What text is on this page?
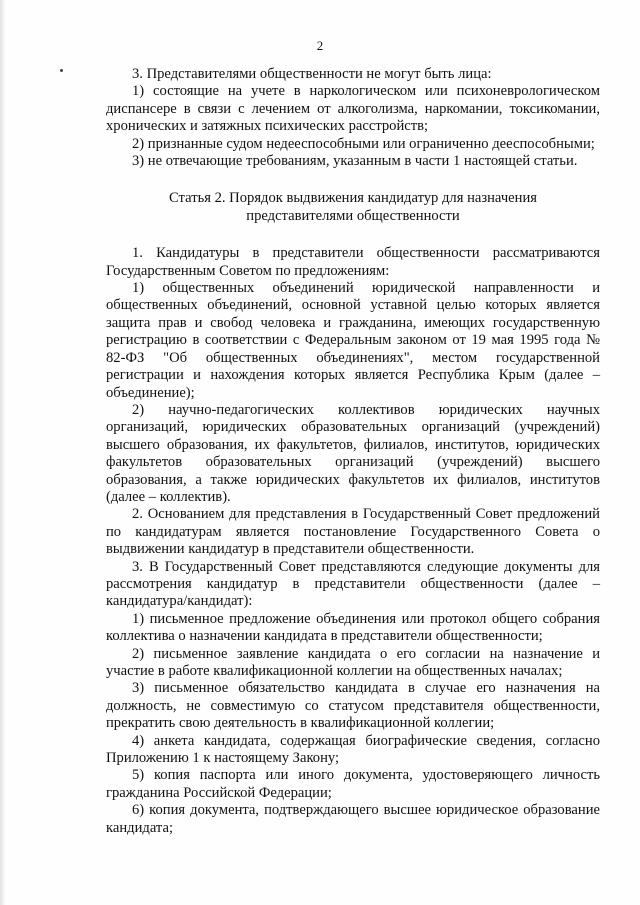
2

3. Представителями общественности не могут быть лица:

1) состоящие на учете в наркологическом или психоневрологическом диспансере в связи с лечением от алкоголизма, наркомании, токсикомании, хронических и затяжных психических расстройств;

2) признанные судом недееспособными или ограниченно дееспособными;

3) не отвечающие требованиям, указанным в части 1 настоящей статьи.

Статья 2. Порядок выдвижения кандидатур для назначения
представителями общественности

1. Кандидатуры в представители общественности рассматриваются Государственным Советом по предложениям:

1) общественных объединений юридической направленности и общественных объединений, основной уставной целью которых является защита прав и свобод человека и гражданина, имеющих государственную регистрацию в соответствии с Федеральным законом от 19 мая 1995 года № 82-ФЗ "Об общественных объединениях", местом государственной регистрации и нахождения которых является Республика Крым (далее – объединение);

2) научно-педагогических коллективов юридических научных организаций, юридических образовательных организаций (учреждений) высшего образования, их факультетов, филиалов, институтов, юридических факультетов образовательных организаций (учреждений) высшего образования, а также юридических факультетов их филиалов, институтов (далее – коллектив).

2. Основанием для представления в Государственный Совет предложений по кандидатурам является постановление Государственного Совета о выдвижении кандидатур в представители общественности.

3. В Государственный Совет представляются следующие документы для рассмотрения кандидатур в представители общественности (далее – кандидатура/кандидат):

1) письменное предложение объединения или протокол общего собрания коллектива о назначении кандидата в представители общественности;

2) письменное заявление кандидата о его согласии на назначение и участие в работе квалификационной коллегии на общественных началах;

3) письменное обязательство кандидата в случае его назначения на должность, не совместимую со статусом представителя общественности, прекратить свою деятельность в квалификационной коллегии;

4) анкета кандидата, содержащая биографические сведения, согласно Приложению 1 к настоящему Закону;

5) копия паспорта или иного документа, удостоверяющего личность гражданина Российской Федерации;

6) копия документа, подтверждающего высшее юридическое образование кандидата;
